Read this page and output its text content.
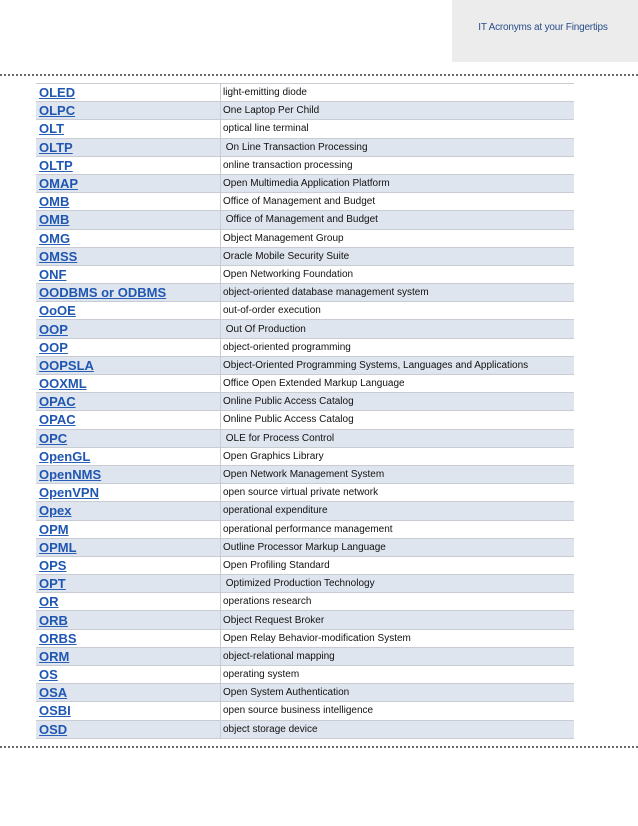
IT Acronyms at your Fingertips
OLED	light-emitting diode
OLPC	One Laptop Per Child
OLT	optical line terminal
OLTP	On Line Transaction Processing
OLTP	online transaction processing
OMAP	Open Multimedia Application Platform
OMB	Office of Management and Budget
OMB	Office of Management and Budget
OMG	Object Management Group
OMSS	Oracle Mobile Security Suite
ONF	Open Networking Foundation
OODBMS or ODBMS	object-oriented database management system
OoOE	out-of-order execution
OOP	Out Of Production
OOP	object-oriented programming
OOPSLA	Object-Oriented Programming Systems, Languages and Applications
OOXML	Office Open Extended Markup Language
OPAC	Online Public Access Catalog
OPAC	Online Public Access Catalog
OPC	OLE for Process Control
OpenGL	Open Graphics Library
OpenNMS	Open Network Management System
OpenVPN	open source virtual private network
Opex	operational expenditure
OPM	operational performance management
OPML	Outline Processor Markup Language
OPS	Open Profiling Standard
OPT	Optimized Production Technology
OR	operations research
ORB	Object Request Broker
ORBS	Open Relay Behavior-modification System
ORM	object-relational mapping
OS	operating system
OSA	Open System Authentication
OSBI	open source business intelligence
OSD	object storage device
